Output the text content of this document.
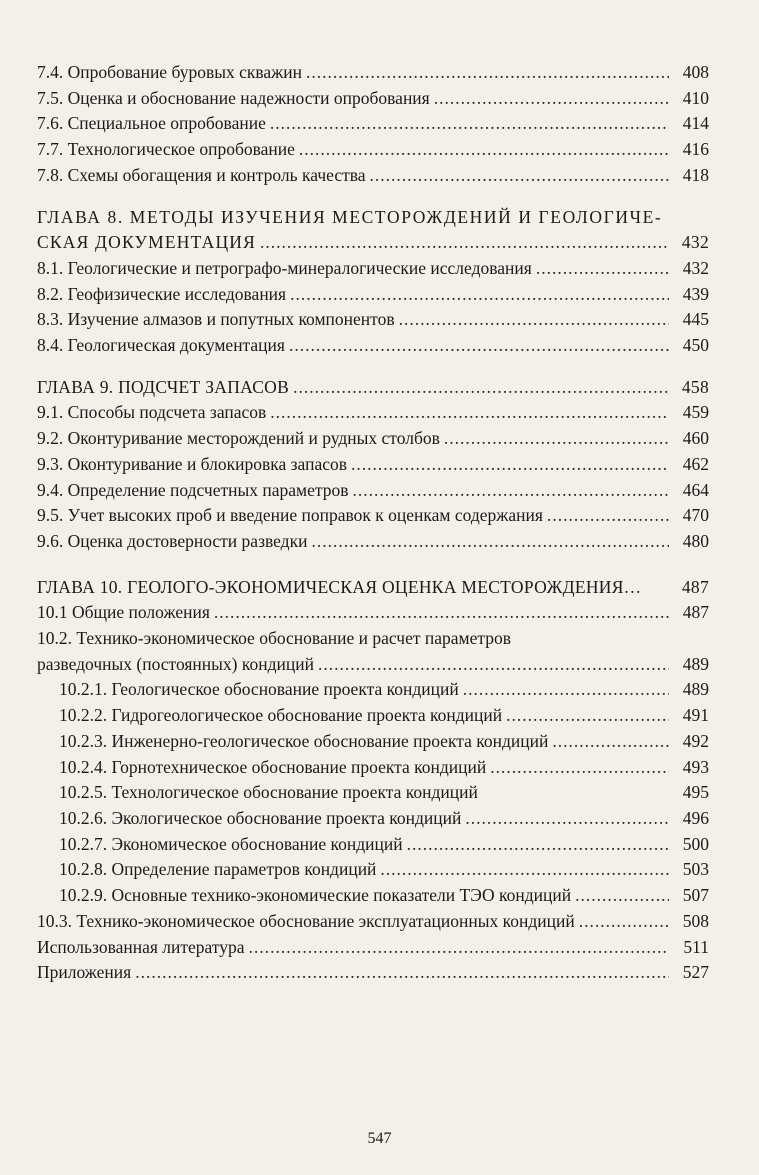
7.4. Опробование буровых скважин .....	408
7.5. Оценка и обоснование надежности опробования .....	410
7.6. Специальное опробование .....	414
7.7. Технологическое опробование .....	416
7.8. Схемы обогащения и контроль качества .....	418
ГЛАВА 8. МЕТОДЫ ИЗУЧЕНИЯ МЕСТОРОЖДЕНИЙ И ГЕОЛОГИЧЕ-
СКАЯ ДОКУМЕНТАЦИЯ .....	432
8.1. Геологические и петрографо-минералогические исследования .....	432
8.2. Геофизические исследования .....	439
8.3. Изучение алмазов и попутных компонентов .....	445
8.4. Геологическая документация .....	450
ГЛАВА 9. ПОДСЧЕТ ЗАПАСОВ .....	458
9.1. Способы подсчета запасов .....	459
9.2. Оконтуривание месторождений и рудных столбов .....	460
9.3. Оконтуривание и блокировка запасов .....	462
9.4. Определение подсчетных параметров .....	464
9.5. Учет высоких проб и введение поправок к оценкам содержания .....	470
9.6. Оценка достоверности разведки .....	480
ГЛАВА 10. ГЕОЛОГО-ЭКОНОМИЧЕСКАЯ ОЦЕНКА МЕСТОРОЖДЕНИЯ…	487
10.1 Общие положения .....	487
10.2. Технико-экономическое обоснование и расчет параметров
разведочных (постоянных) кондиций .....	489
10.2.1. Геологическое обоснование проекта кондиций .....	489
10.2.2. Гидрогеологическое обоснование проекта кондиций .....	491
10.2.3. Инженерно-геологическое обоснование проекта кондиций .....	492
10.2.4. Горнотехническое обоснование проекта кондиций .....	493
10.2.5. Технологическое обоснование проекта кондиций	495
10.2.6. Экологическое обоснование проекта кондиций .....	496
10.2.7. Экономическое обоснование кондиций .....	500
10.2.8. Определение параметров кондиций .....	503
10.2.9. Основные технико-экономические показатели ТЭО кондиций .....	507
10.3. Технико-экономическое обоснование эксплуатационных кондиций .....	508
Использованная литература .....	511
Приложения .....	527
547
